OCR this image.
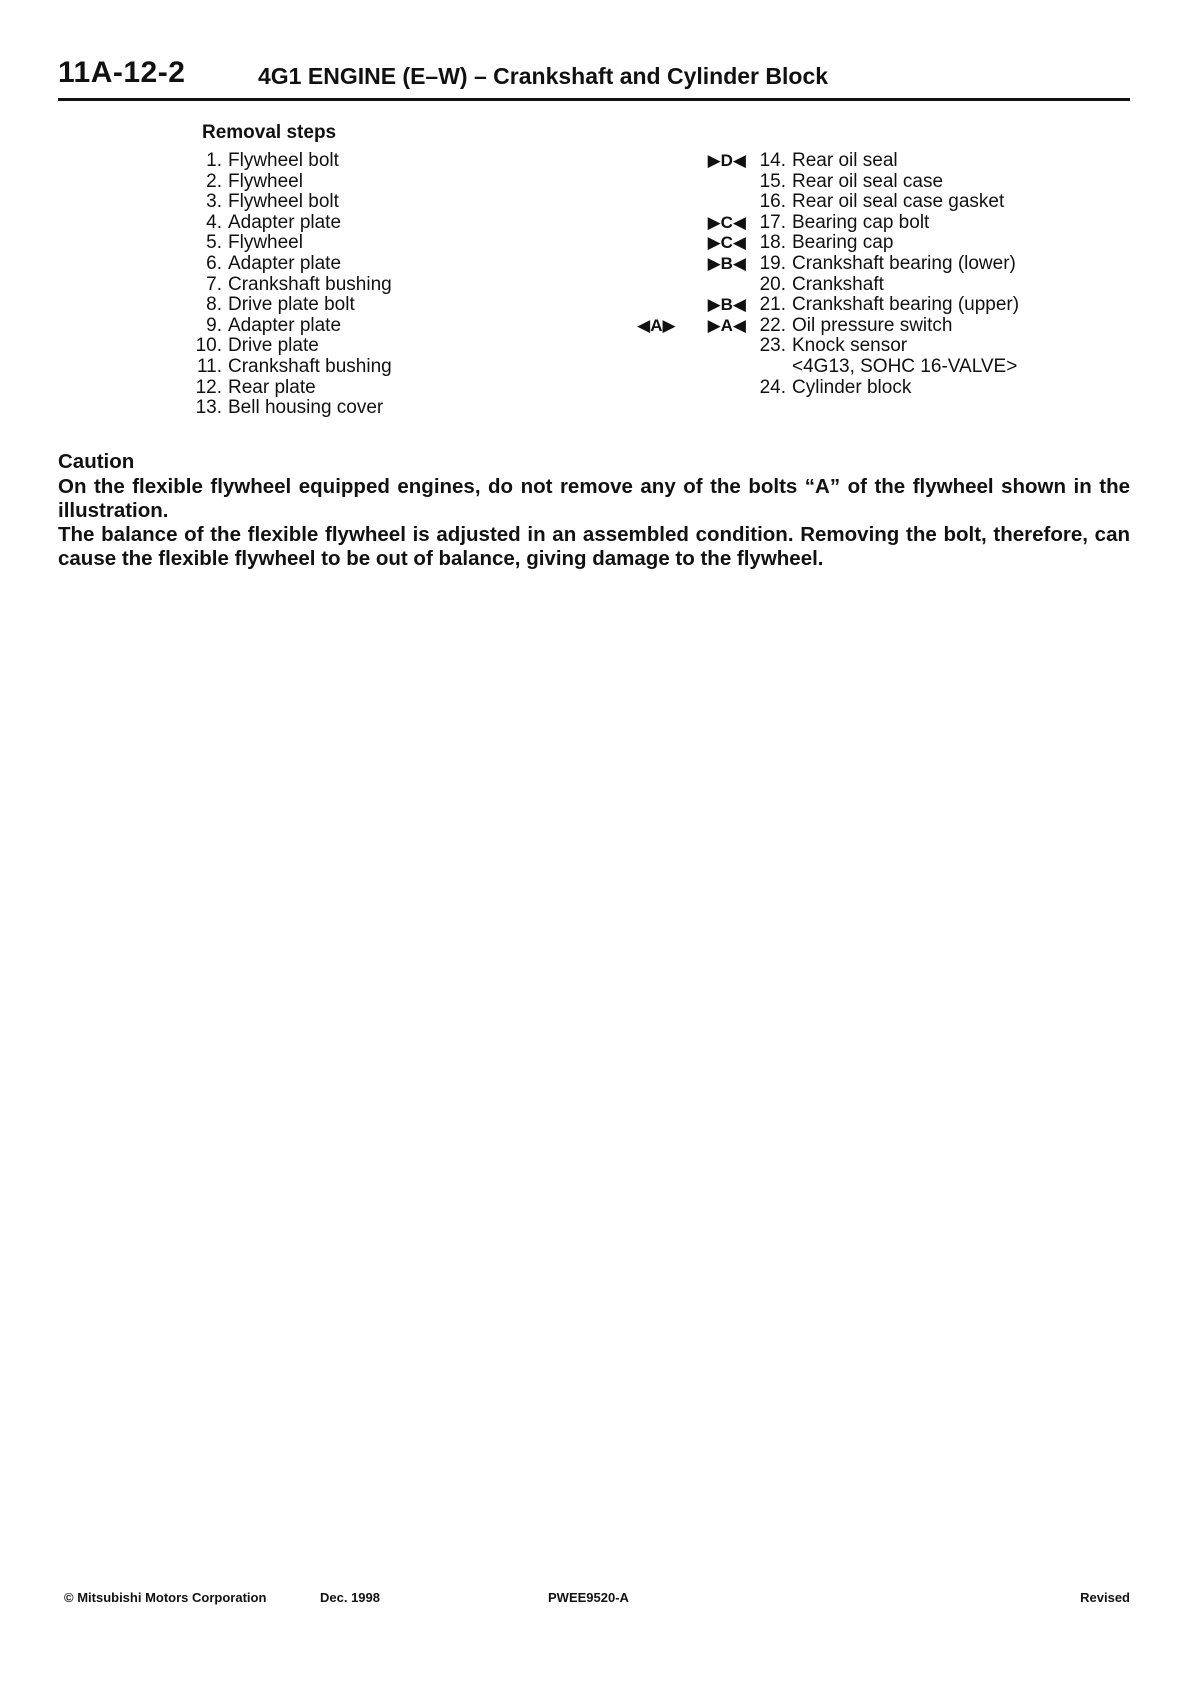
11A-12-2	4G1 ENGINE (E–W) – Crankshaft and Cylinder Block
Removal steps
1. Flywheel bolt
2. Flywheel
3. Flywheel bolt
4. Adapter plate
5. Flywheel
6. Adapter plate
7. Crankshaft bushing
8. Drive plate bolt
9. Adapter plate
10. Drive plate
11. Crankshaft bushing
12. Rear plate
13. Bell housing cover
▶D◀ 14. Rear oil seal
15. Rear oil seal case
16. Rear oil seal case gasket
▶C◀ 17. Bearing cap bolt
▶C◀ 18. Bearing cap
▶B◀ 19. Crankshaft bearing (lower)
20. Crankshaft
▶B◀ 21. Crankshaft bearing (upper)
◀A▶ ▶A◀ 22. Oil pressure switch
23. Knock sensor
<4G13, SOHC 16-VALVE>
24. Cylinder block

Caution

On the flexible flywheel equipped engines, do not remove any of the bolts “A” of the flywheel shown in the illustration.

The balance of the flexible flywheel is adjusted in an assembled condition. Removing the bolt, therefore, can cause the flexible flywheel to be out of balance, giving damage to the flywheel.

© Mitsubishi Motors Corporation	Dec. 1998	PWEE9520-A	Revised
